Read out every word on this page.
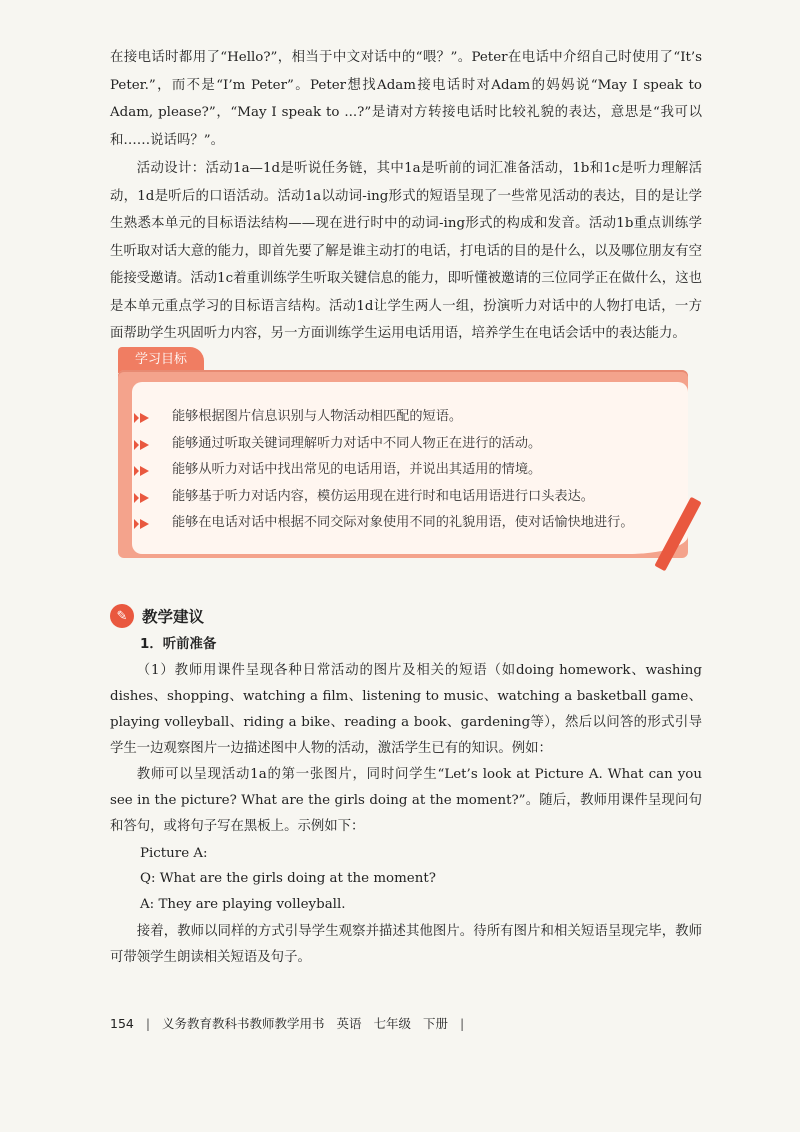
在接电话时都用了“Hello?”，相当于中文对话中的“喂？”。Peter在电话中介绍自己时使用了“It’s Peter.”，而不是“I’m Peter”。Peter想找Adam接电话时对Adam的妈妈说“May I speak to Adam, please?”，“May I speak to ...?”是请对方转接电话时比较礼貌的表达，意思是“我可以和……说话吗？”。

活动设计：活动1a—1d是听说任务链，其中1a是听前的词汇准备活动，1b和1c是听力理解活动，1d是听后的口语活动。活动1a以动词-ing形式的短语呈现了一些常见活动的表达，目的是让学生熟悉本单元的目标语法结构——现在进行时中的动词-ing形式的构成和发音。活动1b重点训练学生听取对话大意的能力，即首先要了解是谁主动打的电话，打电话的目的是什么，以及哪位朋友有空能接受邀请。活动1c着重训练学生听取关键信息的能力，即听懂被邀请的三位同学正在做什么，这也是本单元重点学习的目标语言结构。活动1d让学生两人一组，扮演听力对话中的人物打电话，一方面帮助学生巩固听力内容，另一方面训练学生运用电话用语，培养学生在电话会话中的表达能力。

学习目标
能够根据图片信息识别与人物活动相匹配的短语。
能够通过听取关键词理解听力对话中不同人物正在进行的活动。
能够从听力对话中找出常见的电话用语，并说出其适用的情境。
能够基于听力对话内容，模仿运用现在进行时和电话用语进行口头表达。
能够在电话对话中根据不同交际对象使用不同的礼貌用语，使对话愉快地进行。
✎ 教学建议
1．听前准备

（1）教师用课件呈现各种日常活动的图片及相关的短语（如doing homework、washing dishes、shopping、watching a film、listening to music、watching a basketball game、playing volleyball、riding a bike、reading a book、gardening等），然后以问答的形式引导学生一边观察图片一边描述图中人物的活动，激活学生已有的知识。例如：

教师可以呈现活动1a的第一张图片，同时问学生“Let’s look at Picture A. What can you see in the picture? What are the girls doing at the moment?”。随后，教师用课件呈现问句和答句，或将句子写在黑板上。示例如下：

Picture A:

Q: What are the girls doing at the moment?

A: They are playing volleyball.

接着，教师以同样的方式引导学生观察并描述其他图片。待所有图片和相关短语呈现完毕，教师可带领学生朗读相关短语及句子。

154 | 义务教育教科书教师教学用书 英语 七年级 下册 |
